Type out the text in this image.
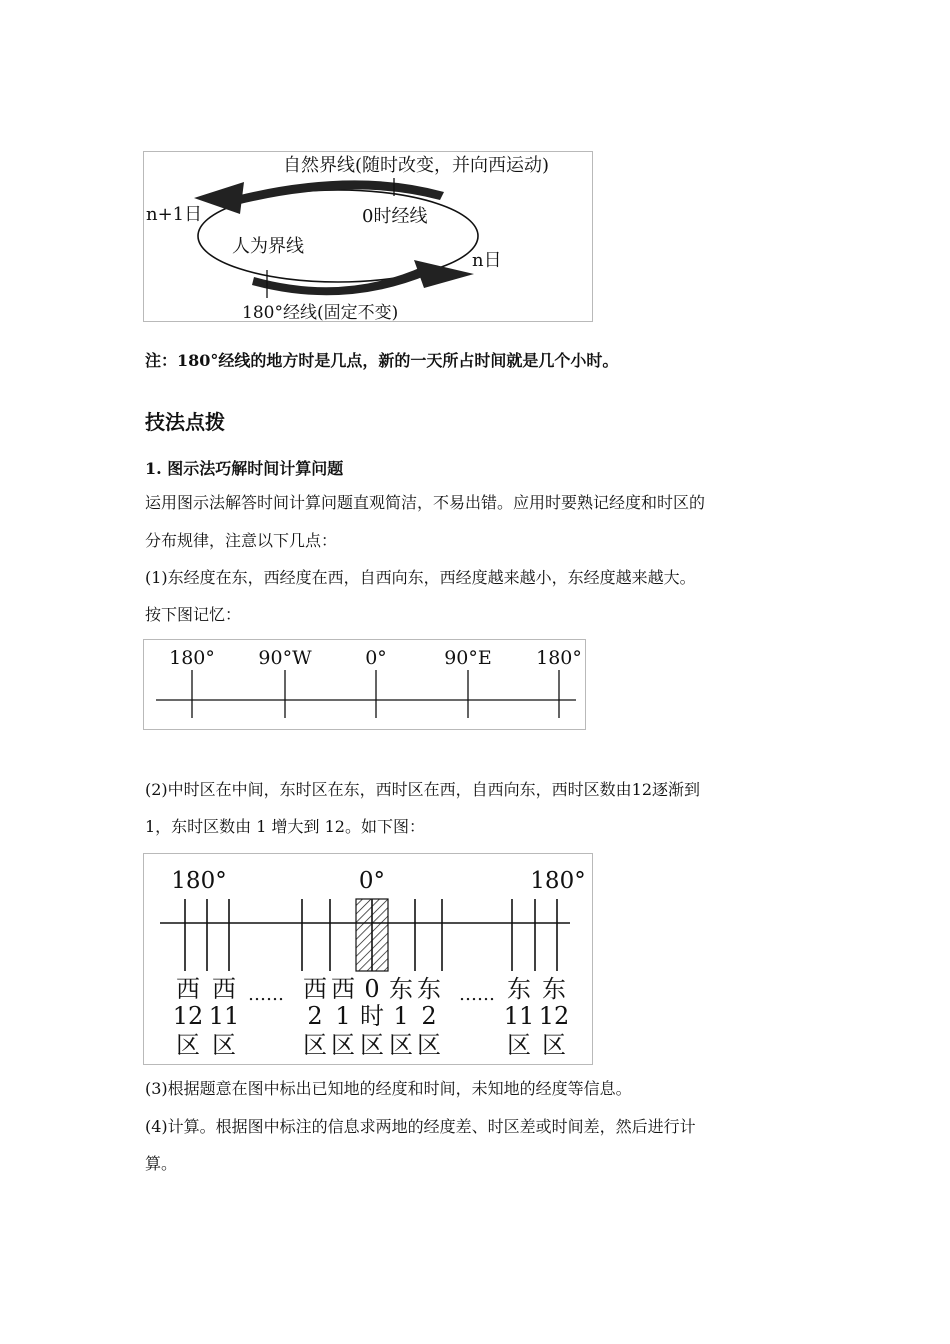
自然界线(随时改变，并向西运动)
n+1日	0时经线
人为界线
n日
180°经线(固定不变)
注：180°经线的地方时是几点，新的一天所占时间就是几个小时。
技法点拨
1. 图示法巧解时间计算问题
运用图示法解答时间计算问题直观简洁，不易出错。应用时要熟记经度和时区的
分布规律，注意以下几点：
(1)东经度在东，西经度在西，自西向东，西经度越来越小，东经度越来越大。
按下图记忆：
180° 90°W	0°	90°E 180°
(2)中时区在中间，东时区在东，西时区在西，自西向东，西时区数由12逐渐到
1，东时区数由 1 增大到 12。如下图：
180°	0°	180°
……	……
西
12
区
西
11
区
西
2
区
西
1
区
0
时
区
东
1
区
东
2
区
东
11
区
东
12
区
(3)根据题意在图中标出已知地的经度和时间，未知地的经度等信息。
(4)计算。根据图中标注的信息求两地的经度差、时区差或时间差，然后进行计
算。
